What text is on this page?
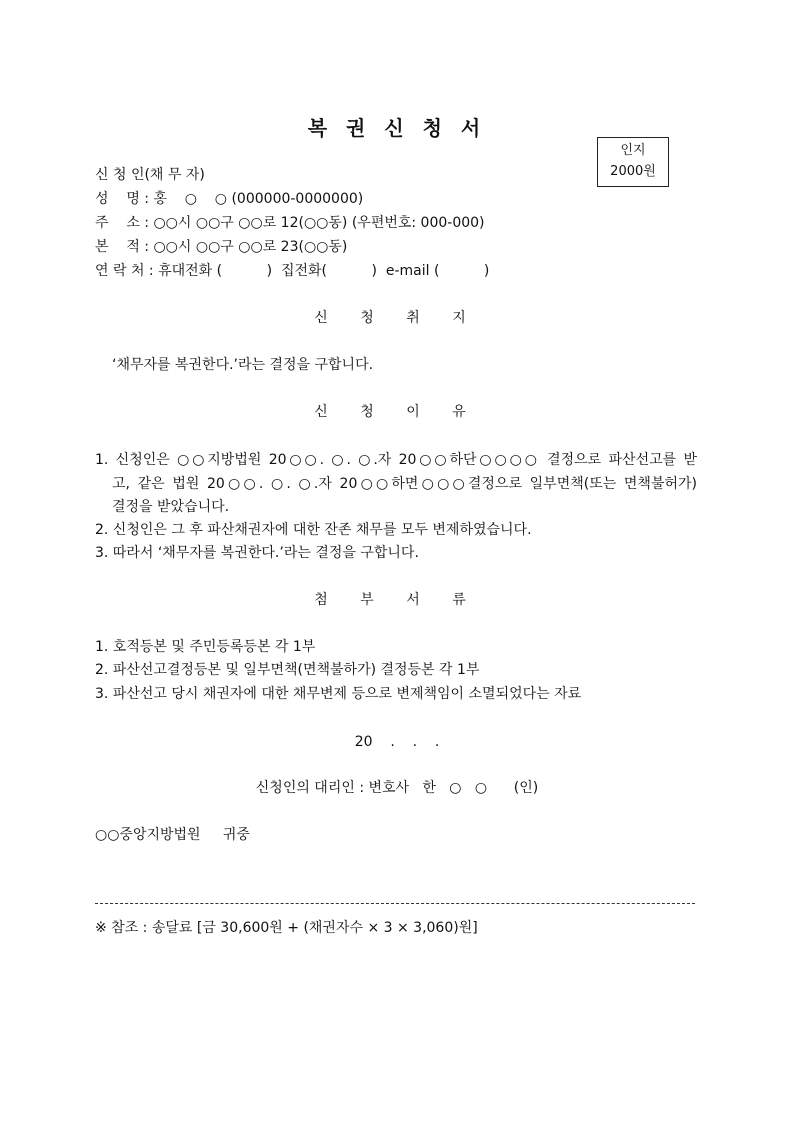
복 권 신 청 서
인지
2000원
신 청 인(채 무 자)
성    명 : 홍    ○    ○ (000000-0000000)
주    소 : ○○시 ○○구 ○○로 12(○○동) (우편번호: 000-000)
본    적 : ○○시 ○○구 ○○로 23(○○동)
연 락 처 : 휴대전화 (          )  집전화(          )  e-mail (          )
신 청 취 지
‘채무자를 복권한다.’라는 결정을 구합니다.
신 청 이 유
1. 신청인은 ○○지방법원 20○○. ○. ○.자 20○○하단○○○○ 결정으로 파산선고를 받
고, 같은 법원 20○○. ○. ○.자 20○○하면○○○결정으로 일부면책(또는 면책불허가)
결정을 받았습니다.
2. 신청인은 그 후 파산채권자에 대한 잔존 채무를 모두 변제하였습니다.
3. 따라서 ‘채무자를 복권한다.’라는 결정을 구합니다.
첨 부 서 류
1. 호적등본 및 주민등록등본 각 1부
2. 파산선고결정등본 및 일부면책(면책불하가) 결정등본 각 1부
3. 파산선고 당시 채권자에 대한 채무변제 등으로 변제책임이 소멸되었다는 자료
20    .    .    .
신청인의 대리인 : 변호사   한   ○   ○      (인)
○○중앙지방법원     귀중
※ 참조 : 송달료 [금 30,600원 + (채권자수 × 3 × 3,060)원]
